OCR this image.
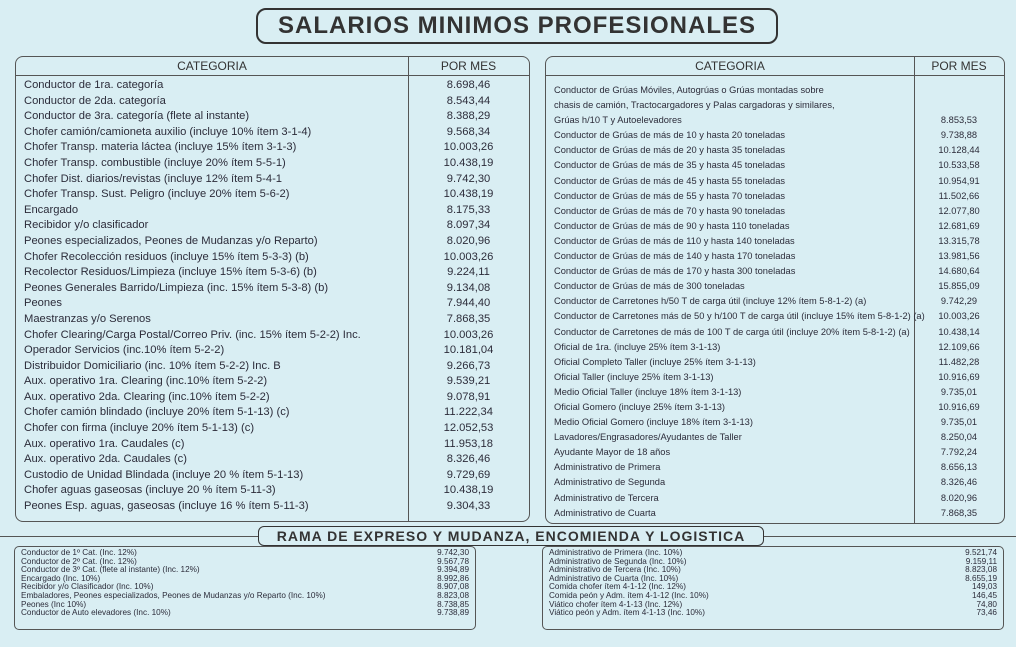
SALARIOS MINIMOS PROFESIONALES
CATEGORIA	POR MES
Conductor de 1ra. categoría	8.698,46
Conductor de 2da. categoría	8.543,44
Conductor de 3ra. categoría (flete al instante)	8.388,29
Chofer camión/camioneta auxilio (incluye 10% ítem 3-1-4)	9.568,34
Chofer Transp. materia láctea (incluye 15% ítem 3-1-3)	10.003,26
Chofer Transp. combustible (incluye 20% ítem 5-5-1)	10.438,19
Chofer Dist. diarios/revistas (incluye 12% ítem 5-4-1	9.742,30
Chofer Transp. Sust. Peligro (incluye 20% ítem 5-6-2)	10.438,19
Encargado	8.175,33
Recibidor y/o clasificador	8.097,34
Peones especializados, Peones de Mudanzas y/o Reparto)	8.020,96
Chofer Recolección residuos (incluye 15% ítem 5-3-3) (b)	10.003,26
Recolector Residuos/Limpieza (incluye 15% ítem 5-3-6) (b)	9.224,11
Peones Generales Barrido/Limpieza (inc. 15% ítem 5-3-8) (b)	9.134,08
Peones	7.944,40
Maestranzas y/o Serenos	7.868,35
Chofer Clearing/Carga Postal/Correo Priv. (inc. 15% ítem 5-2-2) Inc.	10.003,26
Operador Servicios (inc.10% ítem 5-2-2)	10.181,04
Distribuidor Domiciliario (inc. 10% ítem 5-2-2) Inc. B	9.266,73
Aux. operativo 1ra. Clearing (inc.10% ítem 5-2-2)	9.539,21
Aux. operativo 2da. Clearing (inc.10% ítem 5-2-2)	9.078,91
Chofer camión blindado (incluye 20% ítem 5-1-13) (c)	11.222,34
Chofer con firma (incluye 20% ítem 5-1-13) (c)	12.052,53
Aux. operativo 1ra. Caudales (c)	11.953,18
Aux. operativo 2da. Caudales (c)	8.326,46
Custodio de Unidad Blindada (incluye 20 % ítem 5-1-13)	9.729,69
Chofer aguas gaseosas (incluye 20 % ítem 5-11-3)	10.438,19
Peones Esp. aguas, gaseosas (incluye 16 % ítem 5-11-3)	9.304,33
CATEGORIA	POR MES
Conductor de Grúas Móviles, Autogrúas o Grúas montadas sobre
chasis de camión, Tractocargadores y Palas cargadoras y similares,
Grúas h/10 T y Autoelevadores	8.853,53
Conductor de Grúas de más de 10 y hasta 20 toneladas	9.738,88
Conductor de Grúas de más de 20 y hasta 35 toneladas	10.128,44
Conductor de Grúas de más de 35 y hasta 45 toneladas	10.533,58
Conductor de Grúas de más de 45 y hasta 55 toneladas	10.954,91
Conductor de Grúas de más de 55 y hasta 70 toneladas	11.502,66
Conductor de Grúas de más de 70 y hasta 90 toneladas	12.077,80
Conductor de Grúas de más de 90 y hasta 110 toneladas	12.681,69
Conductor de Grúas de más de 110 y hasta 140 toneladas	13.315,78
Conductor de Grúas de más de 140 y hasta 170 toneladas	13.981,56
Conductor de Grúas de más de 170 y hasta 300 toneladas	14.680,64
Conductor de Grúas de más de 300 toneladas	15.855,09
Conductor de Carretones h/50 T de carga útil (incluye 12% ítem 5-8-1-2) (a)	9.742,29
Conductor de Carretones más de 50 y h/100 T de carga útil (incluye 15% ítem 5-8-1-2) (a)	10.003,26
Conductor de Carretones de más de 100 T de carga útil (incluye 20% ítem 5-8-1-2) (a)	10.438,14
Oficial de 1ra. (incluye 25% ítem 3-1-13)	12.109,66
Oficial Completo Taller (incluye 25% ítem 3-1-13)	11.482,28
Oficial Taller (incluye 25% ítem 3-1-13)	10.916,69
Medio Oficial Taller (incluye 18% ítem 3-1-13)	9.735,01
Oficial Gomero (incluye 25% ítem 3-1-13)	10.916,69
Medio Oficial Gomero (incluye 18% ítem 3-1-13)	9.735,01
Lavadores/Engrasadores/Ayudantes de Taller	8.250,04
Ayudante Mayor de 18 años	7.792,24
Administrativo de Primera	8.656,13
Administrativo de Segunda	8.326,46
Administrativo de Tercera	8.020,96
Administrativo de Cuarta	7.868,35
RAMA DE EXPRESO Y MUDANZA, ENCOMIENDA Y LOGISTICA
Conductor de 1º Cat. (Inc. 12%)	9.742,30
Conductor de 2º Cat. (Inc. 12%)	9.567,78
Conductor de 3º Cat. (flete al instante) (Inc. 12%)	9.394,89
Encargado (Inc. 10%)	8.992,86
Recibidor y/o Clasificador (Inc. 10%)	8.907,08
Embaladores, Peones especializados, Peones de Mudanzas y/o Reparto (Inc. 10%)	8.823,08
Peones (Inc 10%)	8.738,85
Conductor de Auto elevadores (Inc. 10%)	9.738,89
Administrativo de Primera (Inc. 10%)	9.521,74
Administrativo de Segunda (Inc. 10%)	9.159,11
Administrativo de Tercera (Inc. 10%)	8.823,08
Administrativo de Cuarta (Inc. 10%)	8.655,19
Comida chofer ítem 4-1-12 (Inc. 12%)	149,03
Comida peón y Adm. ítem 4-1-12 (Inc. 10%)	146,45
Viático chofer ítem 4-1-13 (Inc. 12%)	74,80
Viático peón y Adm. ítem 4-1-13 (Inc. 10%)	73,46
